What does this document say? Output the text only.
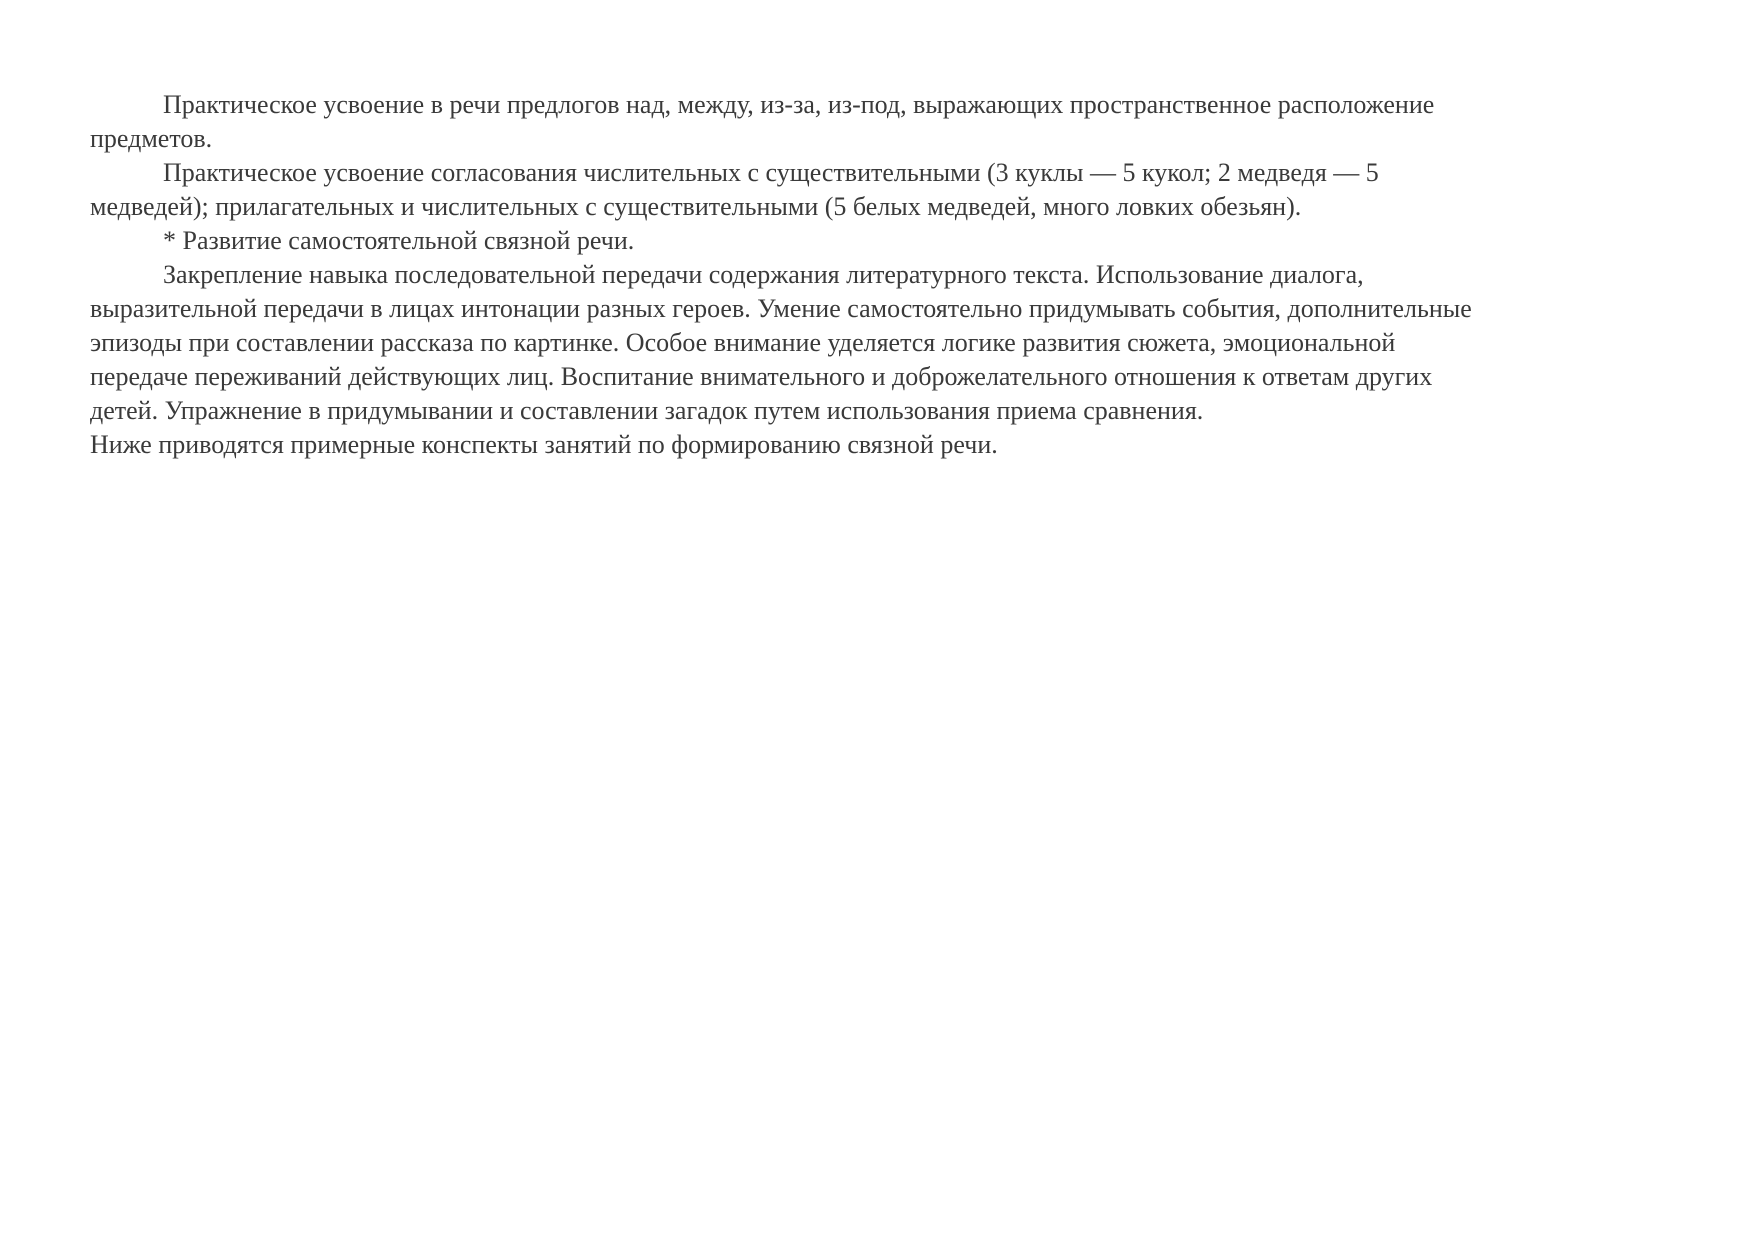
Практическое усвоение в речи предлогов над, между, из-за, из-под, выражающих пространственное расположение
предметов.
Практическое усвоение согласования числительных с существительными (3 куклы — 5 кукол; 2 медведя — 5
медведей); прилагательных и числительных с существительными (5 белых медведей, много ловких обезьян).
* Развитие самостоятельной связной речи.
Закрепление навыка последовательной передачи содержания литературного текста. Использование диалога,
выразительной передачи в лицах интонации разных героев. Умение самостоятельно придумывать события, дополнительные
эпизоды при составлении рассказа по картинке. Особое внимание уделяется логике развития сюжета, эмоциональной
передаче переживаний действующих лиц. Воспитание внимательного и доброжелательного отношения к ответам других
детей. Упражнение в придумывании и составлении загадок путем использования приема сравнения.
Ниже приводятся примерные конспекты занятий по формированию связной речи.
